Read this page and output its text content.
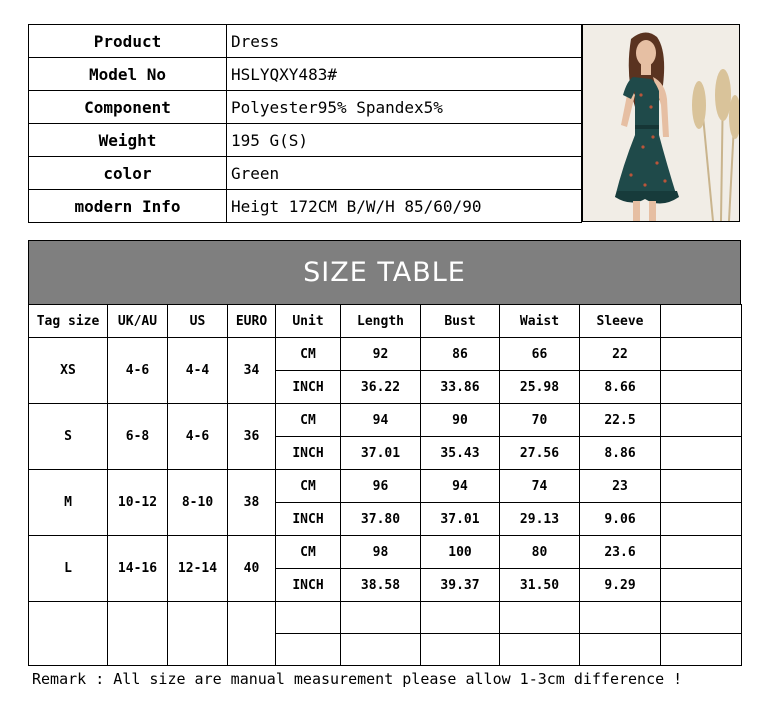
Product	Dress
Model No	HSLYQXY483#
Component	Polyester95% Spandex5%
Weight	195 G(S)
color	Green
modern Info	Heigt 172CM B/W/H 85/60/90
SIZE TABLE
Tag size	UK/AU	US	EURO	Unit	Length	Bust	Waist	Sleeve	
XS	4-6	4-4	34	CM	92	86	66	22	
				INCH	36.22	33.86	25.98	8.66	
S	6-8	4-6	36	CM	94	90	70	22.5	
				INCH	37.01	35.43	27.56	8.86	
M	10-12	8-10	38	CM	96	94	74	23	
				INCH	37.80	37.01	29.13	9.06	
L	14-16	12-14	40	CM	98	100	80	23.6	
				INCH	38.58	39.37	31.50	9.29	

Remark : All size are manual measurement please allow 1-3cm difference !
